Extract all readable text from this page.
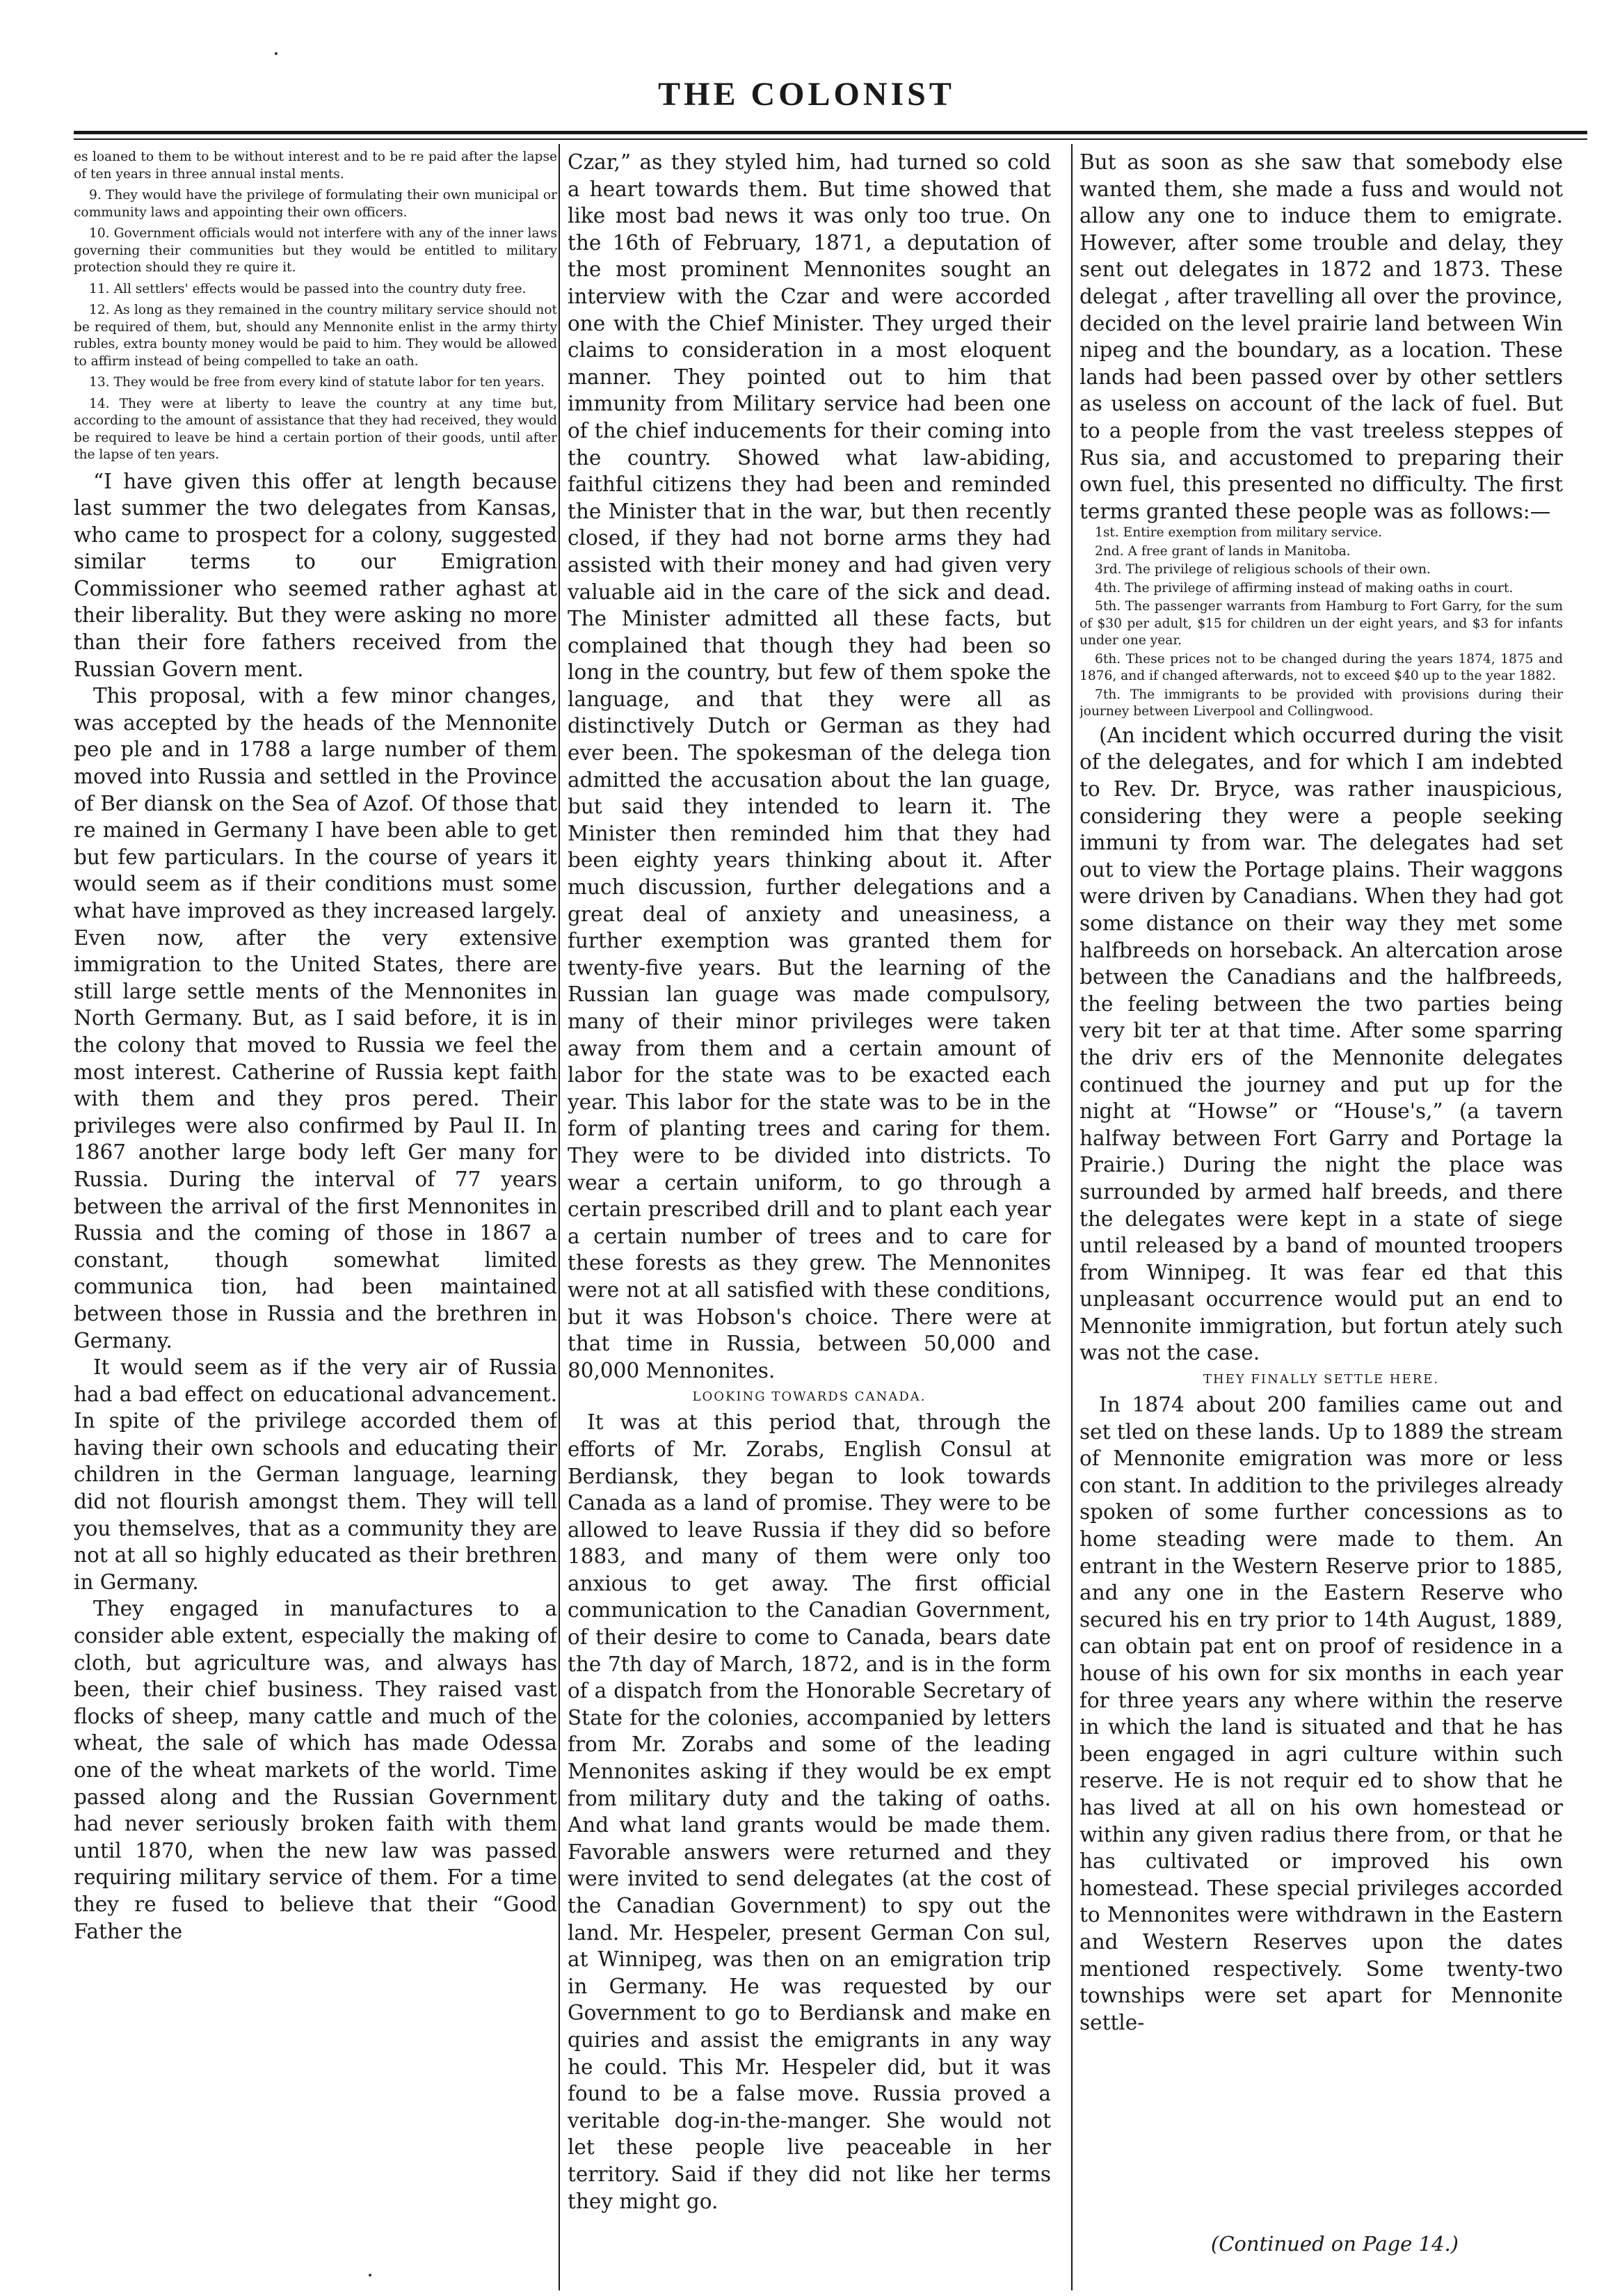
THE COLONIST

es loaned to them to be without interest and to be re paid after the lapse of ten years in three annual instal ments.

9. They would have the privilege of formulating their own municipal or community laws and appointing their own officers.

10. Government officials would not interfere with any of the inner laws governing their communities but they would be entitled to military protection should they re quire it.

11. All settlers' effects would be passed into the country duty free.

12. As long as they remained in the country military service should not be required of them, but, should any Mennonite enlist in the army thirty rubles, extra bounty money would be paid to him. They would be allowed to affirm instead of being compelled to take an oath.

13. They would be free from every kind of statute labor for ten years.

14. They were at liberty to leave the country at any time but, according to the amount of assistance that they had received, they would be required to leave be hind a certain portion of their goods, until after the lapse of ten years.

“I have given this offer at length because last summer the two delegates from Kansas, who came to prospect for a colony, suggested similar terms to our Emigration Commissioner who seemed rather aghast at their liberality. But they were asking no more than their fore fathers received from the Russian Govern ment.

This proposal, with a few minor changes, was accepted by the heads of the Mennonite peo ple and in 1788 a large number of them moved into Russia and settled in the Province of Ber diansk on the Sea of Azof. Of those that re mained in Germany I have been able to get but few particulars. In the course of years it would seem as if their conditions must some what have improved as they increased largely. Even now, after the very extensive immigration to the United States, there are still large settle ments of the Mennonites in North Germany. But, as I said before, it is in the colony that moved to Russia we feel the most interest. Catherine of Russia kept faith with them and they pros pered. Their privileges were also confirmed by Paul II. In 1867 another large body left Ger many for Russia. During the interval of 77 years between the arrival of the first Mennonites in Russia and the coming of those in 1867 a constant, though somewhat limited communica tion, had been maintained between those in Russia and the brethren in Germany.

It would seem as if the very air of Russia had a bad effect on educational advancement. In spite of the privilege accorded them of having their own schools and educating their children in the German language, learning did not flourish amongst them. They will tell you themselves, that as a community they are not at all so highly educated as their brethren in Germany.

They engaged in manufactures to a consider able extent, especially the making of cloth, but agriculture was, and always has been, their chief business. They raised vast flocks of sheep, many cattle and much of the wheat, the sale of which has made Odessa one of the wheat markets of the world. Time passed along and the Russian Government had never seriously broken faith with them until 1870, when the new law was passed requiring military service of them. For a time they re fused to believe that their “Good Father the

Czar,” as they styled him, had turned so cold a heart towards them. But time showed that like most bad news it was only too true. On the 16th of February, 1871, a deputation of the most prominent Mennonites sought an interview with the Czar and were accorded one with the Chief Minister. They urged their claims to consideration in a most eloquent manner. They pointed out to him that immunity from Military service had been one of the chief inducements for their coming into the country. Showed what law-abiding, faithful citizens they had been and reminded the Minister that in the war, but then recently closed, if they had not borne arms they had assisted with their money and had given very valuable aid in the care of the sick and dead. The Minister admitted all these facts, but complained that though they had been so long in the country, but few of them spoke the language, and that they were all as distinctively Dutch or German as they had ever been. The spokesman of the delega tion admitted the accusation about the lan guage, but said they intended to learn it. The Minister then reminded him that they had been eighty years thinking about it. After much discussion, further delegations and a great deal of anxiety and uneasiness, a further exemption was granted them for twenty-five years. But the learning of the Russian lan guage was made compulsory, many of their minor privileges were taken away from them and a certain amount of labor for the state was to be exacted each year. This labor for the state was to be in the form of planting trees and caring for them. They were to be divided into districts. To wear a certain uniform, to go through a certain prescribed drill and to plant each year a certain number of trees and to care for these forests as they grew. The Mennonites were not at all satisfied with these conditions, but it was Hobson's choice. There were at that time in Russia, between 50,000 and 80,000 Mennonites.

LOOKING TOWARDS CANADA.

It was at this period that, through the efforts of Mr. Zorabs, English Consul at Berdiansk, they began to look towards Canada as a land of promise. They were to be allowed to leave Russia if they did so before 1883, and many of them were only too anxious to get away. The first official communication to the Canadian Government, of their desire to come to Canada, bears date the 7th day of March, 1872, and is in the form of a dispatch from the Honorable Secretary of State for the colonies, accompanied by letters from Mr. Zorabs and some of the leading Mennonites asking if they would be ex empt from military duty and the taking of oaths. And what land grants would be made them. Favorable answers were returned and they were invited to send delegates (at the cost of the Canadian Government) to spy out the land. Mr. Hespeler, present German Con sul, at Winnipeg, was then on an emigration trip in Germany. He was requested by our Government to go to Berdiansk and make en quiries and assist the emigrants in any way he could. This Mr. Hespeler did, but it was found to be a false move. Russia proved a veritable dog-in-the-manger. She would not let these people live peaceable in her territory. Said if they did not like her terms they might go.

But as soon as she saw that somebody else wanted them, she made a fuss and would not allow any one to induce them to emigrate. However, after some trouble and delay, they sent out delegates in 1872 and 1873. These delegat , after travelling all over the province, decided on the level prairie land between Win nipeg and the boundary, as a location. These lands had been passed over by other settlers as useless on account of the lack of fuel. But to a people from the vast treeless steppes of Rus sia, and accustomed to preparing their own fuel, this presented no difficulty. The first terms granted these people was as follows:—

1st. Entire exemption from military service.

2nd. A free grant of lands in Manitoba.

3rd. The privilege of religious schools of their own.

4th. The privilege of affirming instead of making oaths in court.

5th. The passenger warrants from Hamburg to Fort Garry, for the sum of $30 per adult, $15 for children un der eight years, and $3 for infants under one year.

6th. These prices not to be changed during the years 1874, 1875 and 1876, and if changed afterwards, not to exceed $40 up to the year 1882.

7th. The immigrants to be provided with provisions during their journey between Liverpool and Collingwood.

(An incident which occurred during the visit of the delegates, and for which I am indebted to Rev. Dr. Bryce, was rather inauspicious, considering they were a people seeking immuni ty from war. The delegates had set out to view the Portage plains. Their waggons were driven by Canadians. When they had got some distance on their way they met some halfbreeds on horseback. An altercation arose between the Canadians and the halfbreeds, the feeling between the two parties being very bit ter at that time. After some sparring the driv ers of the Mennonite delegates continued the journey and put up for the night at “Howse” or “House's,” (a tavern halfway between Fort Garry and Portage la Prairie.) During the night the place was surrounded by armed half breeds, and there the delegates were kept in a state of siege until released by a band of mounted troopers from Winnipeg. It was fear ed that this unpleasant occurrence would put an end to Mennonite immigration, but fortun ately such was not the case.

THEY FINALLY SETTLE HERE.

In 1874 about 200 families came out and set tled on these lands. Up to 1889 the stream of Mennonite emigration was more or less con stant. In addition to the privileges already spoken of some further concessions as to home steading were made to them. An entrant in the Western Reserve prior to 1885, and any one in the Eastern Reserve who secured his en try prior to 14th August, 1889, can obtain pat ent on proof of residence in a house of his own for six months in each year for three years any where within the reserve in which the land is situated and that he has been engaged in agri culture within such reserve. He is not requir ed to show that he has lived at all on his own homestead or within any given radius there from, or that he has cultivated or improved his own homestead. These special privileges accorded to Mennonites were withdrawn in the Eastern and Western Reserves upon the dates mentioned respectively. Some twenty-two townships were set apart for Mennonite settle-

(Continued on Page 14.)
